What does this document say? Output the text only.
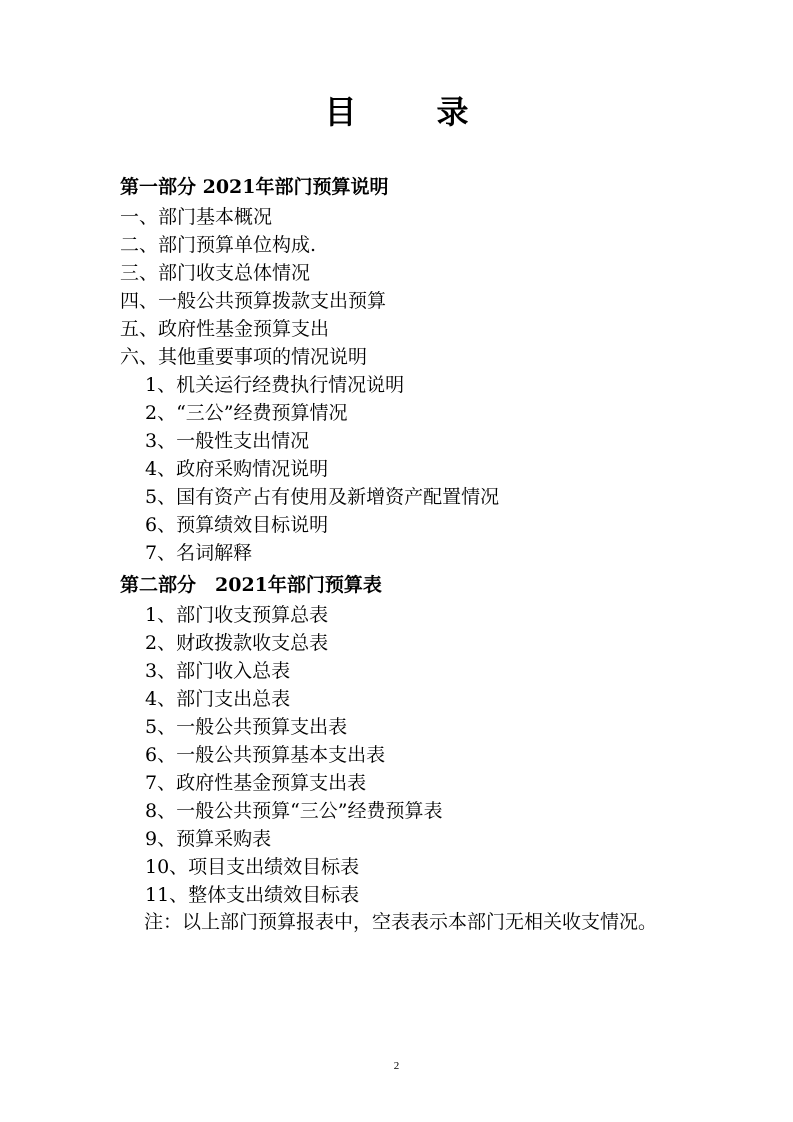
目　录
第一部分 2021年部门预算说明
一、部门基本概况
二、部门预算单位构成.
三、部门收支总体情况
四、一般公共预算拨款支出预算
五、政府性基金预算支出
六、其他重要事项的情况说明
1、机关运行经费执行情况说明
2、“三公”经费预算情况
3、一般性支出情况
4、政府采购情况说明
5、国有资产占有使用及新增资产配置情况
6、预算绩效目标说明
7、名词解释
第二部分　2021年部门预算表
1、部门收支预算总表
2、财政拨款收支总表
3、部门收入总表
4、部门支出总表
5、一般公共预算支出表
6、一般公共预算基本支出表
7、政府性基金预算支出表
8、一般公共预算“三公”经费预算表
9、预算采购表
10、项目支出绩效目标表
11、整体支出绩效目标表
注：以上部门预算报表中，空表表示本部门无相关收支情况。
2
